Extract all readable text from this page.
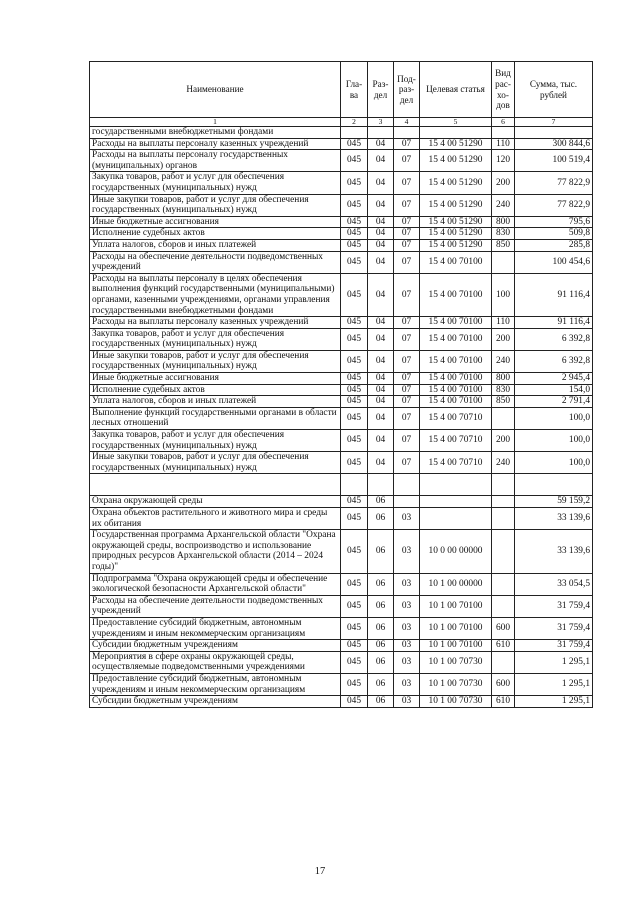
Наименование	Гла-ва	Раз-дел	Под-раз-дел	Целевая статья	Вид рас-хо-дов	Сумма, тыс. рублей
1	2	3	4	5	6	7
государственными внебюджетными фондами						
Расходы на выплаты персоналу казенных учреждений	045	04	07	15 4 00 51290	110	300 844,6
Расходы на выплаты персоналу государственных (муниципальных) органов	045	04	07	15 4 00 51290	120	100 519,4
Закупка товаров, работ и услуг для обеспечения государственных (муниципальных) нужд	045	04	07	15 4 00 51290	200	77 822,9
Иные закупки товаров, работ и услуг для обеспечения государственных (муниципальных) нужд	045	04	07	15 4 00 51290	240	77 822,9
Иные бюджетные ассигнования	045	04	07	15 4 00 51290	800	795,6
Исполнение судебных актов	045	04	07	15 4 00 51290	830	509,8
Уплата налогов, сборов и иных платежей	045	04	07	15 4 00 51290	850	285,8
Расходы на обеспечение деятельности подведомственных учреждений	045	04	07	15 4 00 70100		100 454,6
Расходы на выплаты персоналу в целях обеспечения выполнения функций государственными (муниципальными) органами, казенными учреждениями, органами управления государственными внебюджетными фондами	045	04	07	15 4 00 70100	100	91 116,4
Расходы на выплаты персоналу казенных учреждений	045	04	07	15 4 00 70100	110	91 116,4
Закупка товаров, работ и услуг для обеспечения государственных (муниципальных) нужд	045	04	07	15 4 00 70100	200	6 392,8
Иные закупки товаров, работ и услуг для обеспечения государственных (муниципальных) нужд	045	04	07	15 4 00 70100	240	6 392,8
Иные бюджетные ассигнования	045	04	07	15 4 00 70100	800	2 945,4
Исполнение судебных актов	045	04	07	15 4 00 70100	830	154,0
Уплата налогов, сборов и иных платежей	045	04	07	15 4 00 70100	850	2 791,4
Выполнение функций государственными органами в области лесных отношений	045	04	07	15 4 00 70710		100,0
Закупка товаров, работ и услуг для обеспечения государственных (муниципальных) нужд	045	04	07	15 4 00 70710	200	100,0
Иные закупки товаров, работ и услуг для обеспечения государственных (муниципальных) нужд	045	04	07	15 4 00 70710	240	100,0

Охрана окружающей среды	045	06				59 159,2
Охрана объектов растительного и животного мира и среды их обитания	045	06	03			33 139,6
Государственная программа Архангельской области "Охрана окружающей среды, воспроизводство и использование природных ресурсов Архангельской области (2014 – 2024 годы)"	045	06	03	10 0 00 00000		33 139,6
Подпрограмма "Охрана окружающей среды и обеспечение экологической безопасности Архангельской области"	045	06	03	10 1 00 00000		33 054,5
Расходы на обеспечение деятельности подведомственных учреждений	045	06	03	10 1 00 70100		31 759,4
Предоставление субсидий бюджетным, автономным учреждениям и иным некоммерческим организациям	045	06	03	10 1 00 70100	600	31 759,4
Субсидии бюджетным учреждениям	045	06	03	10 1 00 70100	610	31 759,4
Мероприятия в сфере охраны окружающей среды, осуществляемые подведомственными учреждениями	045	06	03	10 1 00 70730		1 295,1
Предоставление субсидий бюджетным, автономным учреждениям и иным некоммерческим организациям	045	06	03	10 1 00 70730	600	1 295,1
Субсидии бюджетным учреждениям	045	06	03	10 1 00 70730	610	1 295,1
17
